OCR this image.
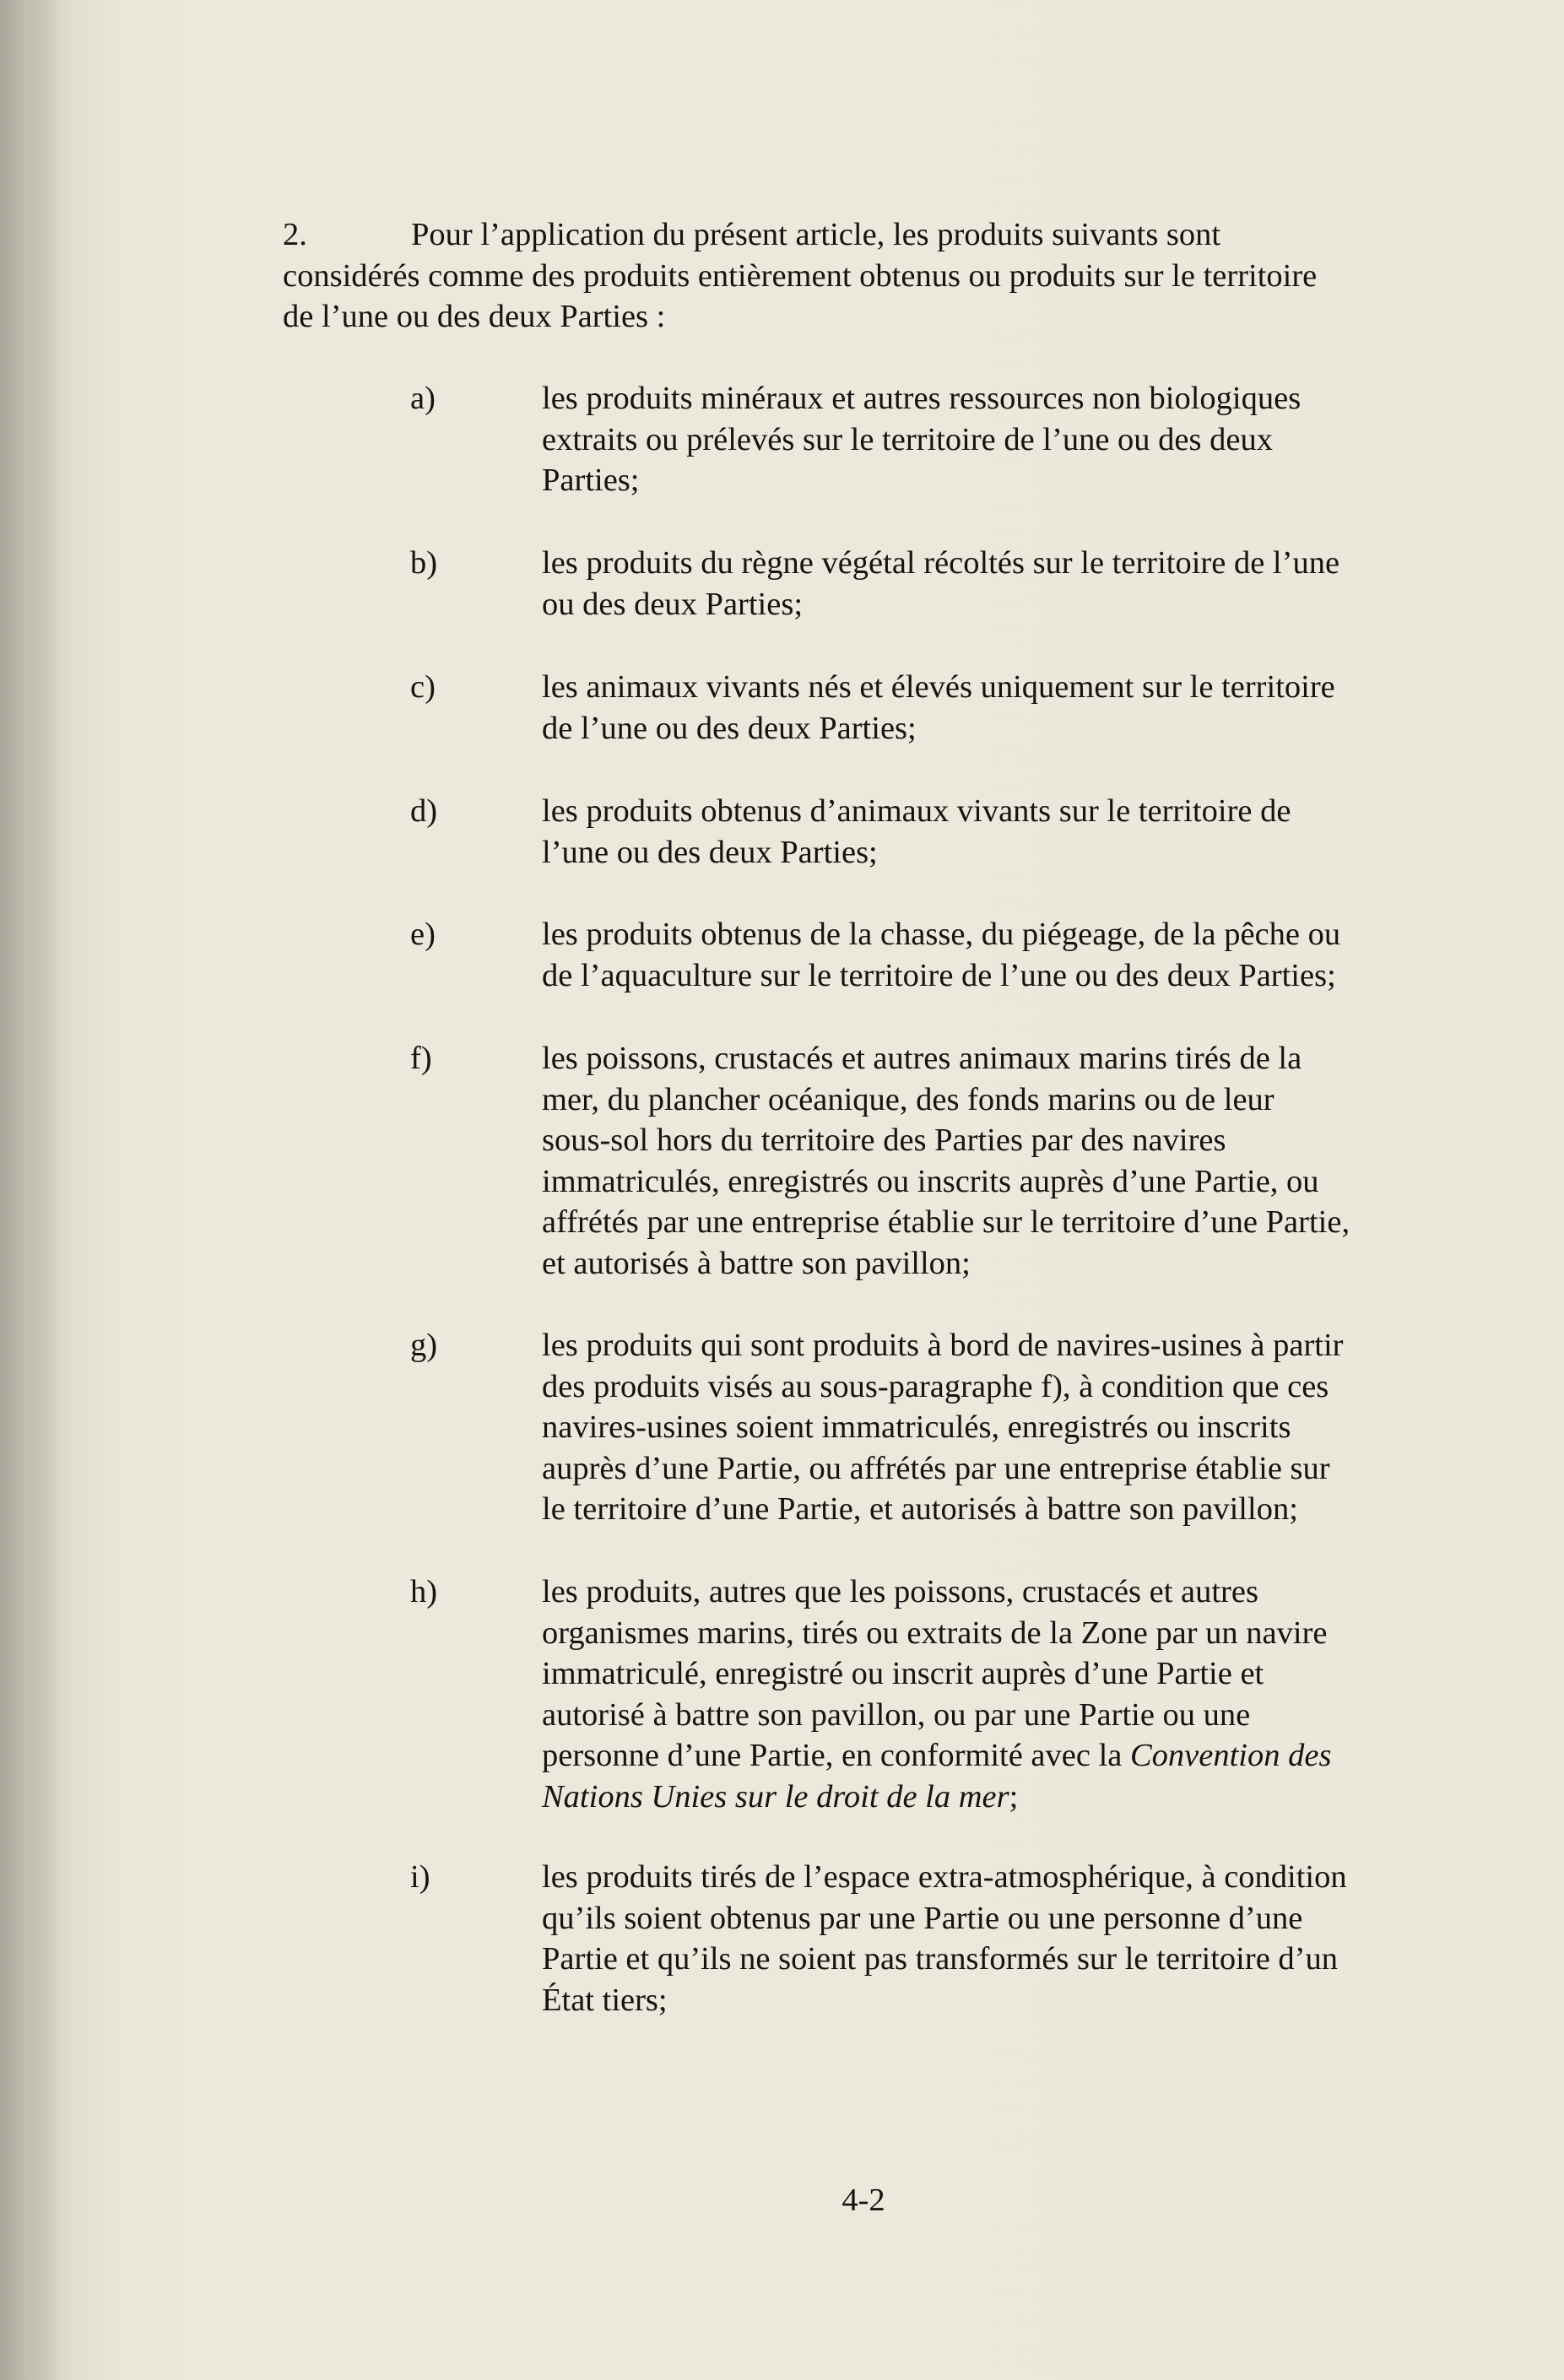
2.	Pour l’application du présent article, les produits suivants sont
considérés comme des produits entièrement obtenus ou produits sur le territoire
de l’une ou des deux Parties :
a)	les produits minéraux et autres ressources non biologiques
extraits ou prélevés sur le territoire de l’une ou des deux
Parties;
b)	les produits du règne végétal récoltés sur le territoire de l’une
ou des deux Parties;
c)	les animaux vivants nés et élevés uniquement sur le territoire
de l’une ou des deux Parties;
d)	les produits obtenus d’animaux vivants sur le territoire de
l’une ou des deux Parties;
e)	les produits obtenus de la chasse, du piégeage, de la pêche ou
de l’aquaculture sur le territoire de l’une ou des deux Parties;
f)	les poissons, crustacés et autres animaux marins tirés de la
mer, du plancher océanique, des fonds marins ou de leur
sous-sol hors du territoire des Parties par des navires
immatriculés, enregistrés ou inscrits auprès d’une Partie, ou
affrétés par une entreprise établie sur le territoire d’une Partie,
et autorisés à battre son pavillon;
g)	les produits qui sont produits à bord de navires-usines à partir
des produits visés au sous-paragraphe f), à condition que ces
navires-usines soient immatriculés, enregistrés ou inscrits
auprès d’une Partie, ou affrétés par une entreprise établie sur
le territoire d’une Partie, et autorisés à battre son pavillon;
h)	les produits, autres que les poissons, crustacés et autres
organismes marins, tirés ou extraits de la Zone par un navire
immatriculé, enregistré ou inscrit auprès d’une Partie et
autorisé à battre son pavillon, ou par une Partie ou une
personne d’une Partie, en conformité avec la Convention des
Nations Unies sur le droit de la mer;
i)	les produits tirés de l’espace extra-atmosphérique, à condition
qu’ils soient obtenus par une Partie ou une personne d’une
Partie et qu’ils ne soient pas transformés sur le territoire d’un
État tiers;
4-2
